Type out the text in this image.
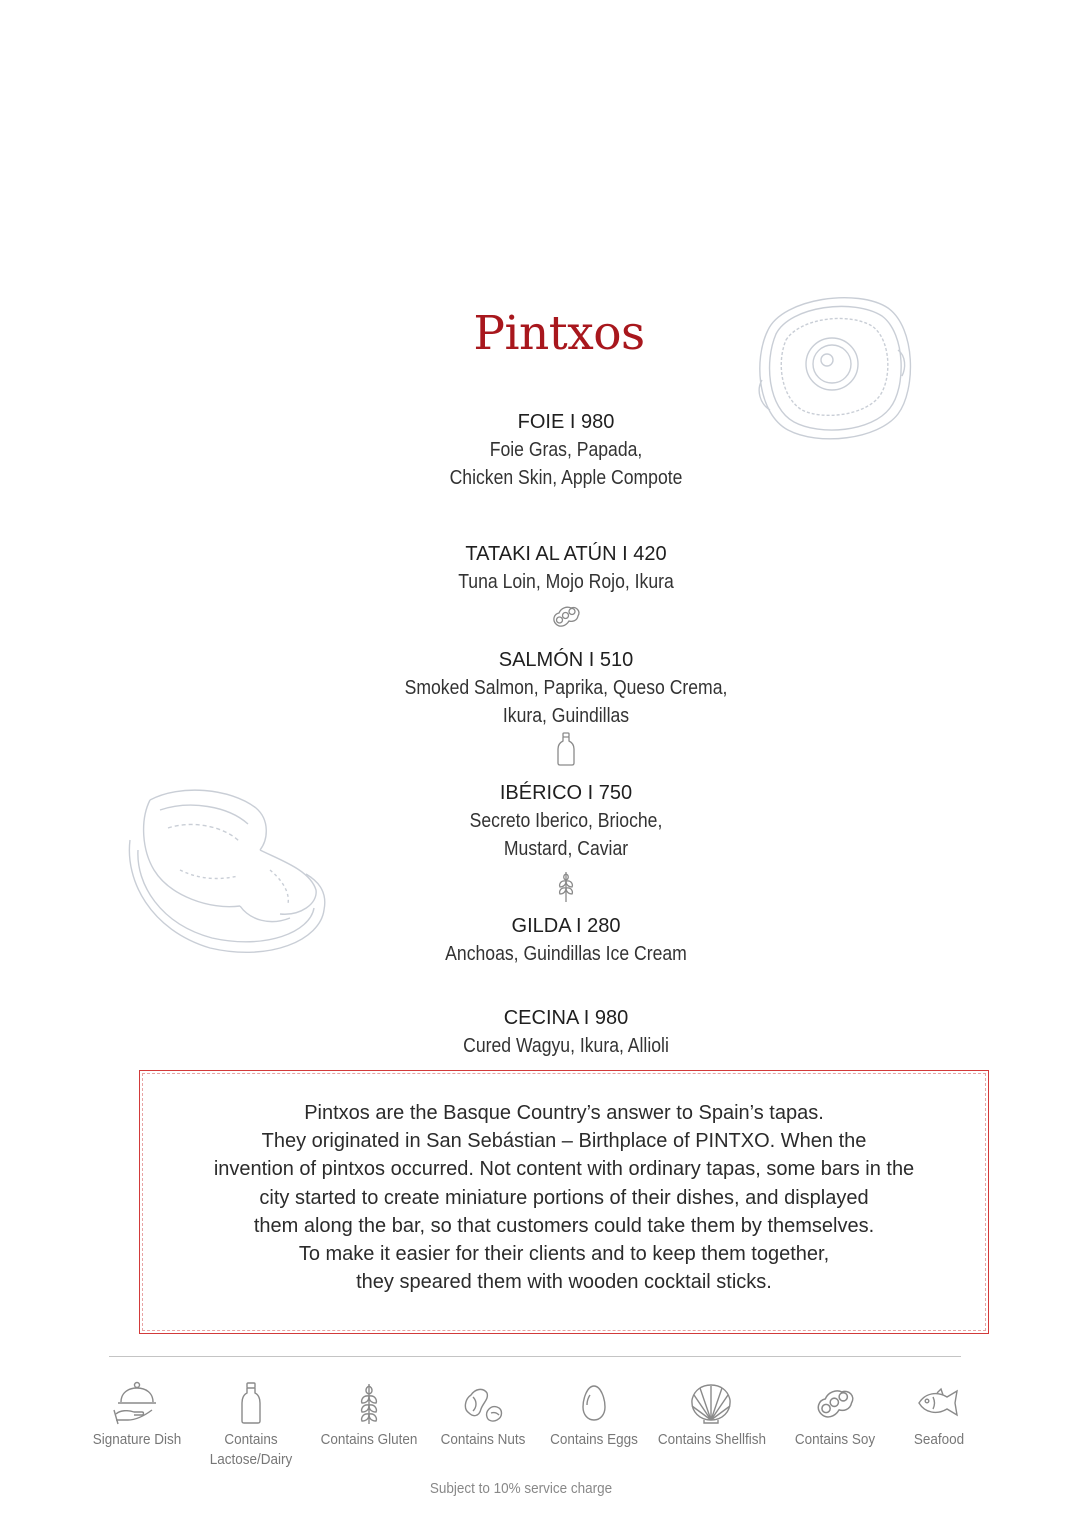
Pintxos
FOIE I 980
Foie Gras, Papada,
Chicken Skin, Apple Compote
TATAKI AL ATÚN I 420
Tuna Loin, Mojo Rojo, Ikura
SALMÓN I 510
Smoked Salmon, Paprika, Queso Crema,
Ikura, Guindillas
IBÉRICO I 750
Secreto Iberico, Brioche,
Mustard, Caviar
GILDA I 280
Anchoas, Guindillas Ice Cream
CECINA I 980
Cured Wagyu, Ikura, Allioli
Pintxos are the Basque Country’s answer to Spain’s tapas.
They originated in San Sebástian – Birthplace of PINTXO. When the
invention of pintxos occurred. Not content with ordinary tapas, some bars in the
city started to create miniature portions of their dishes, and displayed
them along the bar, so that customers could take them by themselves.
To make it easier for their clients and to keep them together,
they speared them with wooden cocktail sticks.
Signature Dish	Contains
Lactose/Dairy
Contains Gluten Contains Nuts Contains Eggs Contains Shellfish Contains Soy	Seafood
Subject to 10% service charge
